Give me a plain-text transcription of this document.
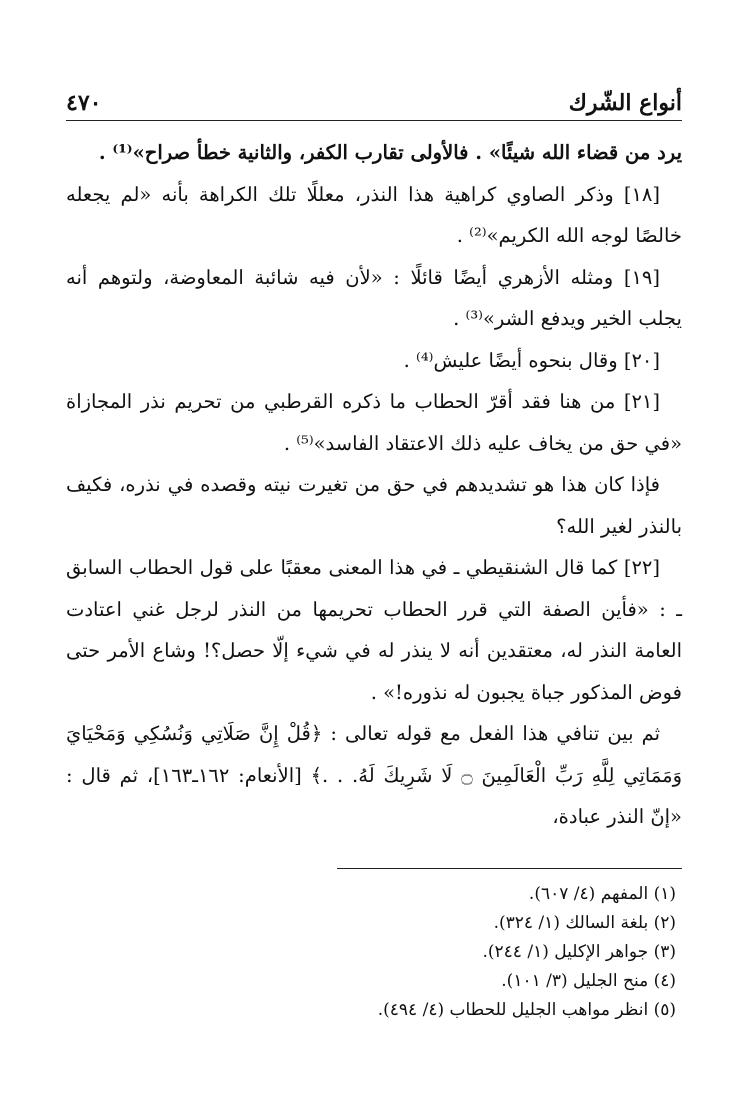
أنواع الشّرك
٤٧٠

يرد من قضاء الله شيئًا» . فالأولى تقارب الكفر، والثانية خطأ صراح»⁽¹⁾ .

[١٨] وذكر الصاوي كراهية هذا النذر، معللًا تلك الكراهة بأنه «لم يجعله خالصًا لوجه الله الكريم»⁽²⁾ .

[١٩] ومثله الأزهري أيضًا قائلًا : «لأن فيه شائبة المعاوضة، ولتوهم أنه يجلب الخير ويدفع الشر»⁽³⁾ .

[٢٠] وقال بنحوه أيضًا عليش⁽⁴⁾ .

[٢١] من هنا فقد أقرّ الحطاب ما ذكره القرطبي من تحريم نذر المجازاة «في حق من يخاف عليه ذلك الاعتقاد الفاسد»⁽⁵⁾ .

فإذا كان هذا هو تشديدهم في حق من تغيرت نيته وقصده في نذره، فكيف بالنذر لغير الله؟

[٢٢] كما قال الشنقيطي ـ في هذا المعنى معقبًا على قول الحطاب السابق ـ : «فأين الصفة التي قرر الحطاب تحريمها من النذر لرجل غني اعتادت العامة النذر له، معتقدين أنه لا ينذر له في شيء إلّا حصل؟! وشاع الأمر حتى فوض المذكور جباة يجبون له نذوره!» .

ثم بين تنافي هذا الفعل مع قوله تعالى : ﴿قُلْ إِنَّ صَلَاتِي وَنُسُكِي وَمَحْيَايَ وَمَمَاتِي لِلَّهِ رَبِّ الْعَالَمِينَ ۝ لَا شَرِيكَ لَهُ. . .﴾ [الأنعام: ١٦٢ـ١٦٣]، ثم قال : «إنّ النذر عبادة،

(١) المفهم (٤/ ٦٠٧).
(٢) بلغة السالك (١/ ٣٢٤).
(٣) جواهر الإكليل (١/ ٢٤٤).
(٤) منح الجليل (٣/ ١٠١).
(٥) انظر مواهب الجليل للحطاب (٤/ ٤٩٤).
